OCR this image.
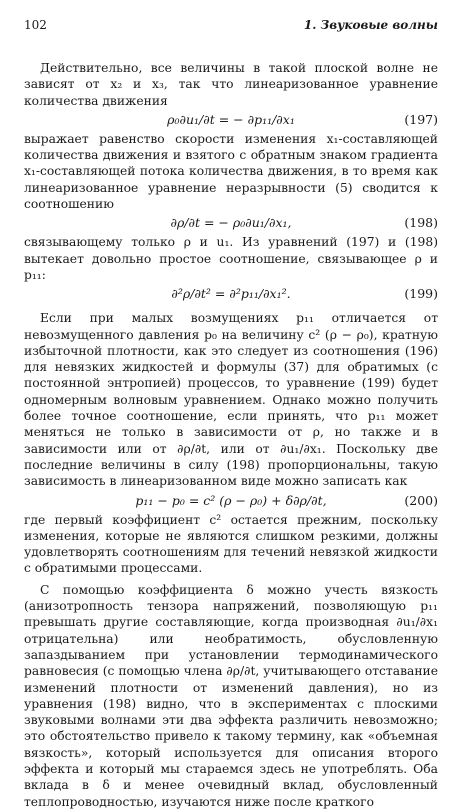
102	1. Звуковые волны

Действительно, все величины в такой плоской волне не зависят от x₂ и x₃, так что линеаризованное уравнение количества движения

ρ₀∂u₁/∂t = − ∂p₁₁/∂x₁	(197)

выражает равенство скорости изменения x₁-составляющей количества движения и взятого с обратным знаком градиента x₁-составляющей потока количества движения, в то время как линеаризованное уравнение неразрывности (5) сводится к соотношению

∂ρ/∂t = − ρ₀∂u₁/∂x₁,	(198)

связывающему только ρ и u₁. Из уравнений (197) и (198) вытекает довольно простое соотношение, связывающее ρ и p₁₁:

∂²ρ/∂t² = ∂²p₁₁/∂x₁².	(199)

Если при малых возмущениях p₁₁ отличается от невозмущенного давления p₀ на величину c² (ρ − ρ₀), кратную избыточной плотности, как это следует из соотношения (196) для невязких жидкостей и формулы (37) для обратимых (с постоянной энтропией) процессов, то уравнение (199) будет одномерным волновым уравнением. Однако можно получить более точное соотношение, если принять, что p₁₁ может меняться не только в зависимости от ρ, но также и в зависимости или от ∂ρ/∂t, или от ∂u₁/∂x₁. Поскольку две последние величины в силу (198) пропорциональны, такую зависимость в линеаризованном виде можно записать как

p₁₁ − p₀ = c² (ρ − ρ₀) + δ∂ρ/∂t,	(200)

где первый коэффициент c² остается прежним, поскольку изменения, которые не являются слишком резкими, должны удовлетворять соотношениям для течений невязкой жидкости с обратимыми процессами.

С помощью коэффициента δ можно учесть вязкость (анизотропность тензора напряжений, позволяющую p₁₁ превышать другие составляющие, когда производная ∂u₁/∂x₁ отрицательна) или необратимость, обусловленную запаздыванием при установлении термодинамического равновесия (с помощью члена ∂ρ/∂t, учитывающего отставание изменений плотности от изменений давления), но из уравнения (198) видно, что в экспериментах с плоскими звуковыми волнами эти два эффекта различить невозможно; это обстоятельство привело к такому термину, как «объемная вязкость», который используется для описания второго эффекта и который мы стараемся здесь не употреблять. Оба вклада в δ и менее очевидный вклад, обусловленный теплопроводностью, изучаются ниже после краткого
